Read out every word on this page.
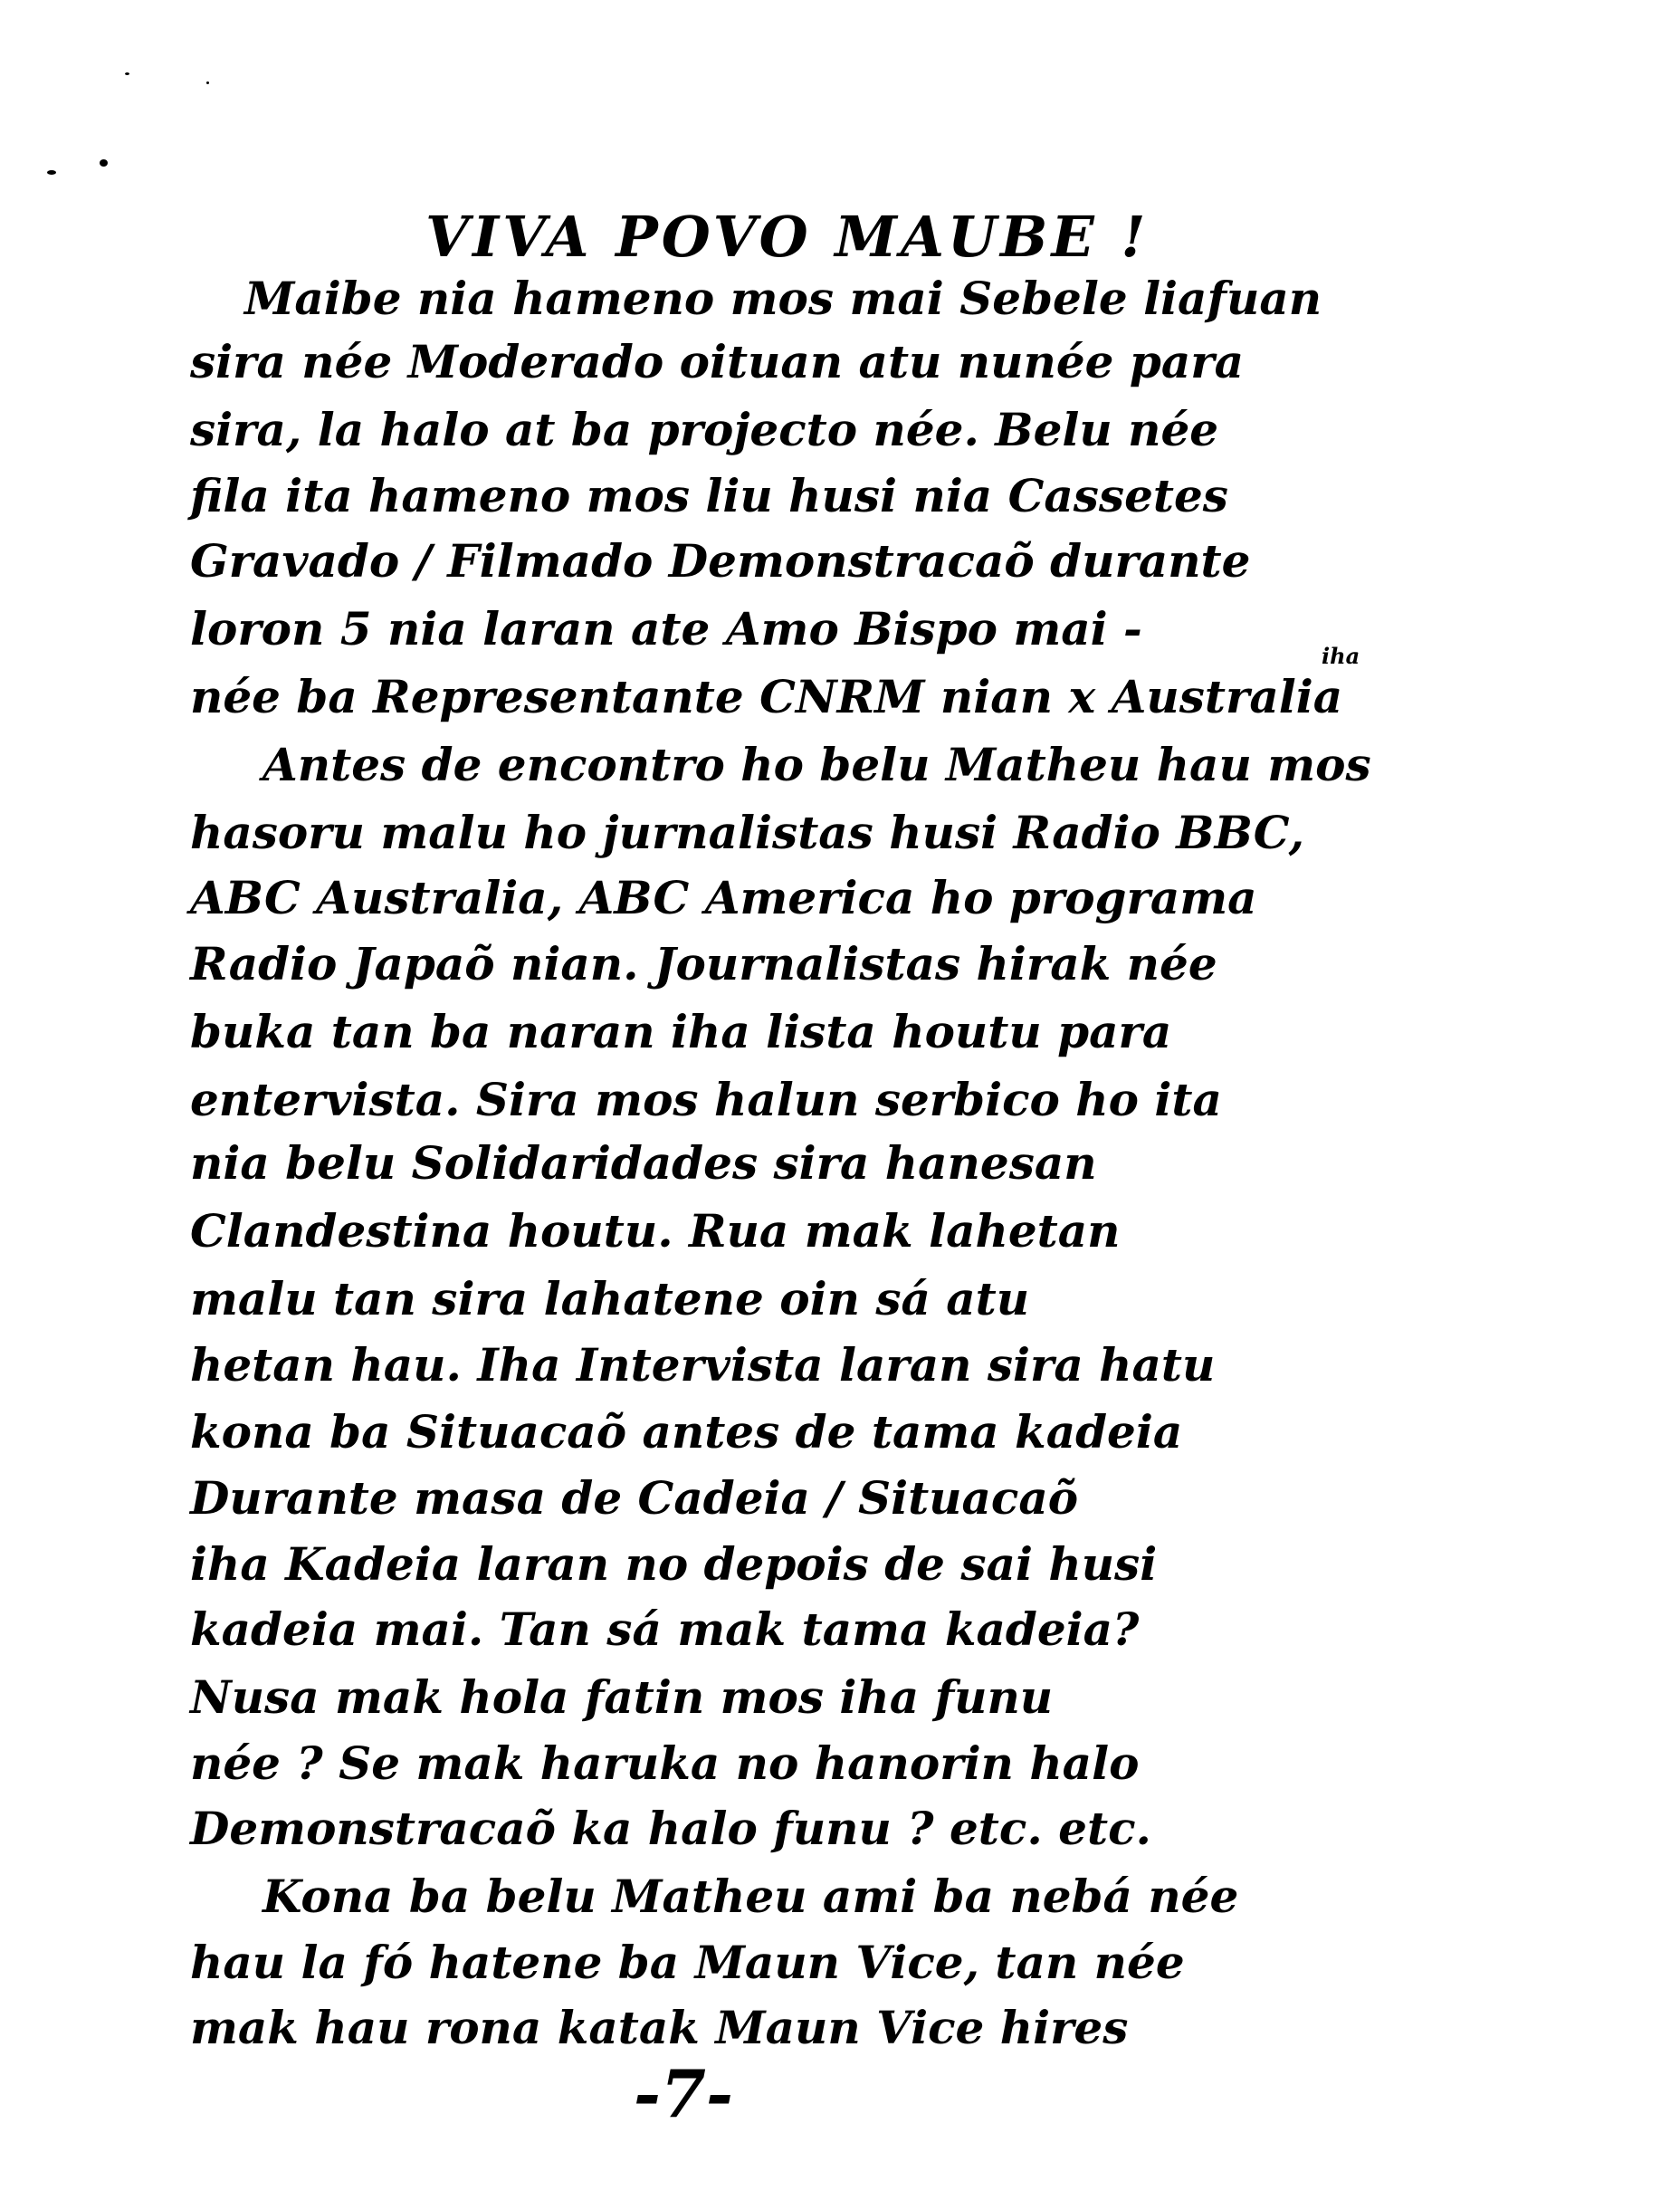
VIVA POVO MAUBE !
Maibe nia hameno mos mai Sebele liafuan
sira née Moderado oituan atu nunée para
sira, la halo at ba projecto née. Belu née
fila ita hameno mos liu husi nia Cassetes
Gravado / Filmado Demonstracaõ durante
loron 5 nia laran ate Amo Bispo mai -
iha
née ba Representante CNRM nian x Australia
Antes de encontro ho belu Matheu hau mos
hasoru malu ho jurnalistas husi Radio BBC,
ABC Australia, ABC America ho programa
Radio Japaõ nian. Journalistas hirak née
buka tan ba naran iha lista houtu para
entervista. Sira mos halun serbico ho ita
nia belu Solidaridades sira hanesan
Clandestina houtu. Rua mak lahetan
malu tan sira lahatene oin sá atu
hetan hau. Iha Intervista laran sira hatu
kona ba Situacaõ antes de tama kadeia
Durante masa de Cadeia / Situacaõ
iha Kadeia laran no depois de sai husi
kadeia mai. Tan sá mak tama kadeia?
Nusa mak hola fatin mos iha funu
née ? Se mak haruka no hanorin halo
Demonstracaõ ka halo funu ? etc. etc.
Kona ba belu Matheu ami ba nebá née
hau la fó hatene ba Maun Vice, tan née
mak hau rona katak Maun Vice hires
-7-
